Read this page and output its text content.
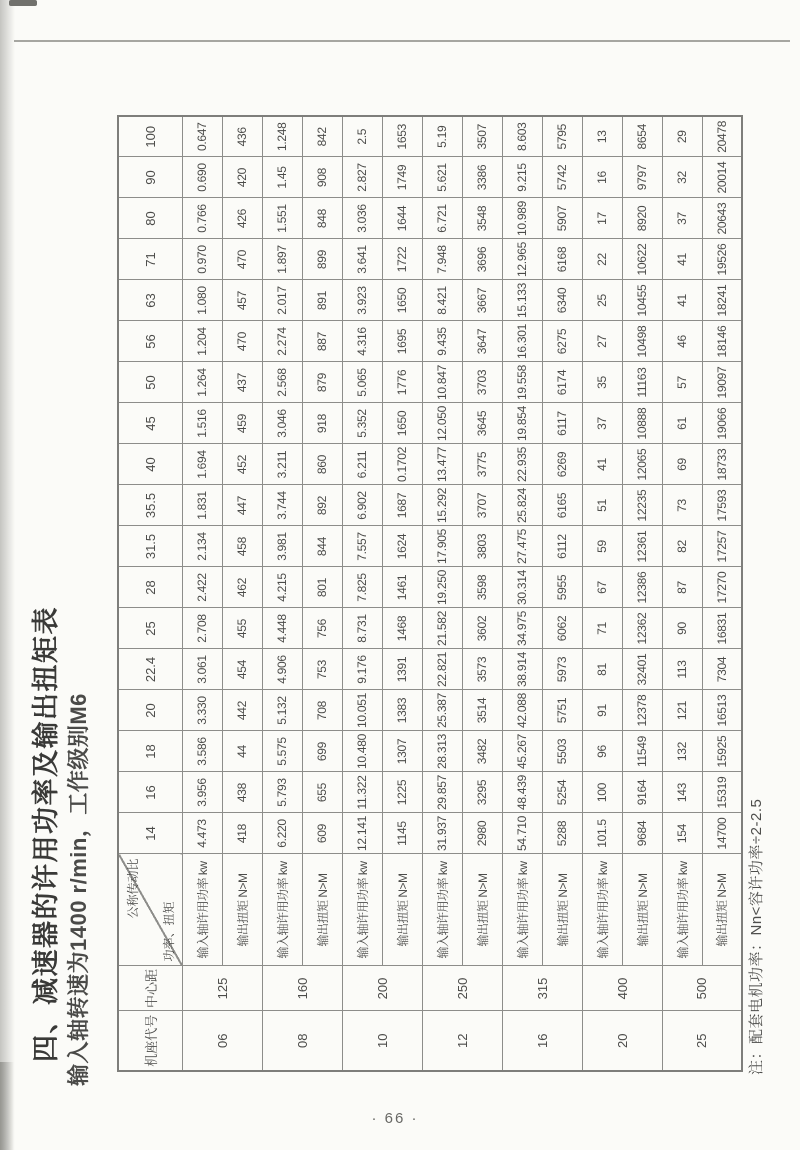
四、减速器的许用功率及输出扭矩表 输入轴转速为1400 r/min，工作级别M6	机座代号	中心距	公称传动比
功率、扭矩	14	16	18	20	22.4	25	28	31.5	35.5	40	45	50	56	63	71	80	90	100
06	125	输入轴许用功率 kw	4.473	3.956	3.586	3.330	3.061	2.708	2.422	2.134	1.831	1.694	1.516	1.264	1.204	1.080	0.970	0.766	0.690	0.647
		输出扭矩 N>M	418	438	44	442	454	455	462	458	447	452	459	437	470	457	470	426	420	436
08	160	输入轴许用功率 kw	6.220	5.793	5.575	5.132	4.906	4.448	4.215	3.981	3.744	3.211	3.046	2.568	2.274	2.017	1.897	1.551	1.45	1.248
		输出扭矩 N>M	609	655	699	708	753	756	801	844	892	860	918	879	887	891	899	848	908	842
10	200	输入轴许用功率 kw	12.141	11.322	10.480	10.051	9.176	8.731	7.825	7.557	6.902	6.211	5.352	5.065	4.316	3.923	3.641	3.036	2.827	2.5
		输出扭矩 N>M	1145	1225	1307	1383	1391	1468	1461	1624	1687	0.1702	1650	1776	1695	1650	1722	1644	1749	1653
12	250	输入轴许用功率 kw	31.937	29.857	28.313	25.387	22.821	21.582	19.250	17.905	15.292	13.477	12.050	10.847	9.435	8.421	7.948	6.721	5.621	5.19
		输出扭矩 N>M	2980	3295	3482	3514	3573	3602	3598	3803	3707	3775	3645	3703	3647	3667	3696	3548	3386	3507
16	315	输入轴许用功率 kw	54.710	48.439	45.267	42.088	38.914	34.975	30.314	27.475	25.824	22.935	19.854	19.558	16.301	15.133	12.965	10.989	9.215	8.603
		输出扭矩 N>M	5288	5254	5503	5751	5973	6062	5955	6112	6165	6269	6117	6174	6275	6340	6168	5907	5742	5795
20	400	输入轴许用功率 kw	101.5	100	96	91	81	71	67	59	51	41	37	35	27	25	22	17	16	13
		输出扭矩 N>M	9684	9164	11549	12378	32401	12362	12386	12361	12235	12065	10888	11163	10498	10455	10622	8920	9797	8654
25	500	输入轴许用功率 kw	154	143	132	121	113	90	87	82	73	69	61	57	46	41	41	37	32	29
		输出扭矩 N>M	14700	15319	15925	16513	7304	16831	17270	17257	17593	18733	19066	19097	18146	18241	19526	20643	20014	20478
注：配套电机功率：Nn<容许功率÷2-2.5
· 66 ·
